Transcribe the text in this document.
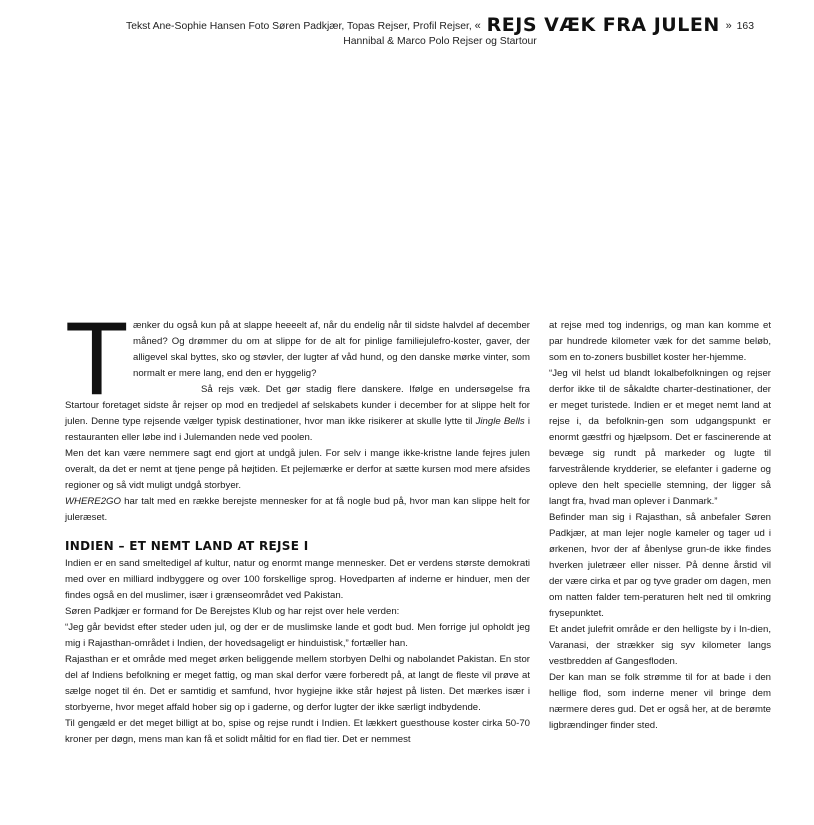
Tekst Ane-Sophie Hansen Foto Søren Padkjær, Topas Rejser, Profil Rejser, « REJS VÆK FRA JULEN » 163
Hannibal & Marco Polo Rejser og Startour
T ænker du også kun på at slappe heeeelt af, når du endelig når til sidste halvdel af december måned? Og drømmer du om at slippe for de alt for pinlige familiejulefro-koster, gaver, der alligevel skal byttes, sko og støvler, der lugter af våd hund, og den danske mørke vinter, som normalt er mere lang, end den er hyggelig?

Så rejs væk. Det gør stadig flere danskere. Ifølge en undersøgelse fra Startour foretaget sidste år rejser op mod en tredjedel af selskabets kunder i december for at slippe helt for julen. Denne type rejsende vælger typisk destinationer, hvor man ikke risikerer at skulle lytte til Jingle Bells i restauranten eller løbe ind i Julemanden nede ved poolen.

Men det kan være nemmere sagt end gjort at undgå julen. For selv i mange ikke-kristne lande fejres julen overalt, da det er nemt at tjene penge på højtiden. Et pejlemærke er derfor at sætte kursen mod mere afsides regioner og så vidt muligt undgå storbyer.

WHERE2GO har talt med en række berejste mennesker for at få nogle bud på, hvor man kan slippe helt for juleræset.

INDIEN – ET NEMT LAND AT REJSE I

Indien er en sand smeltedigel af kultur, natur og enormt mange mennesker. Det er verdens største demokrati med over en milliard indbyggere og over 100 forskellige sprog. Hovedparten af inderne er hinduer, men der findes også en del muslimer, især i grænseområdet ved Pakistan.

Søren Padkjær er formand for De Berejstes Klub og har rejst over hele verden:

“Jeg går bevidst efter steder uden jul, og der er de muslimske lande et godt bud. Men forrige jul opholdt jeg mig i Rajasthan-området i Indien, der hovedsageligt er hinduistisk,” fortæller han.

Rajasthan er et område med meget ørken beliggende mellem storbyen Delhi og nabolandet Pakistan. En stor del af Indiens befolkning er meget fattig, og man skal derfor være forberedt på, at langt de fleste vil prøve at sælge noget til én. Det er samtidig et samfund, hvor hygiejne ikke står højest på listen. Det mærkes især i storbyerne, hvor meget affald hober sig op i gaderne, og derfor lugter der ikke særligt indbydende.

Til gengæld er det meget billigt at bo, spise og rejse rundt i Indien. Et lækkert guesthouse koster cirka 50-70 kroner per døgn, mens man kan få et solidt måltid for en flad tier. Det er nemmest

at rejse med tog indenrigs, og man kan komme et par hundrede kilometer væk for det samme beløb, som en to-zoners busbillet koster her-hjemme.

“Jeg vil helst ud blandt lokalbefolkningen og rejser derfor ikke til de såkaldte charter-destinationer, der er meget turistede. Indien er et meget nemt land at rejse i, da befolknin-gen som udgangspunkt er enormt gæstfri og hjælpsom. Det er fascinerende at bevæge sig rundt på markeder og lugte til farvestrålende krydderier, se elefanter i gaderne og opleve den helt specielle stemning, der ligger så langt fra, hvad man oplever i Danmark.”

Befinder man sig i Rajasthan, så anbefaler Søren Padkjær, at man lejer nogle kameler og tager ud i ørkenen, hvor der af åbenlyse grun-de ikke findes hverken juletræer eller nisser. På denne årstid vil der være cirka et par og tyve grader om dagen, men om natten falder tem-peraturen helt ned til omkring frysepunktet.

Et andet julefrit område er den helligste by i In-dien, Varanasi, der strækker sig syv kilometer langs vestbredden af Gangesfloden.

Der kan man se folk strømme til for at bade i den hellige flod, som inderne mener vil bringe dem nærmere deres gud. Det er også her, at de berømte ligbrændinger finder sted.
